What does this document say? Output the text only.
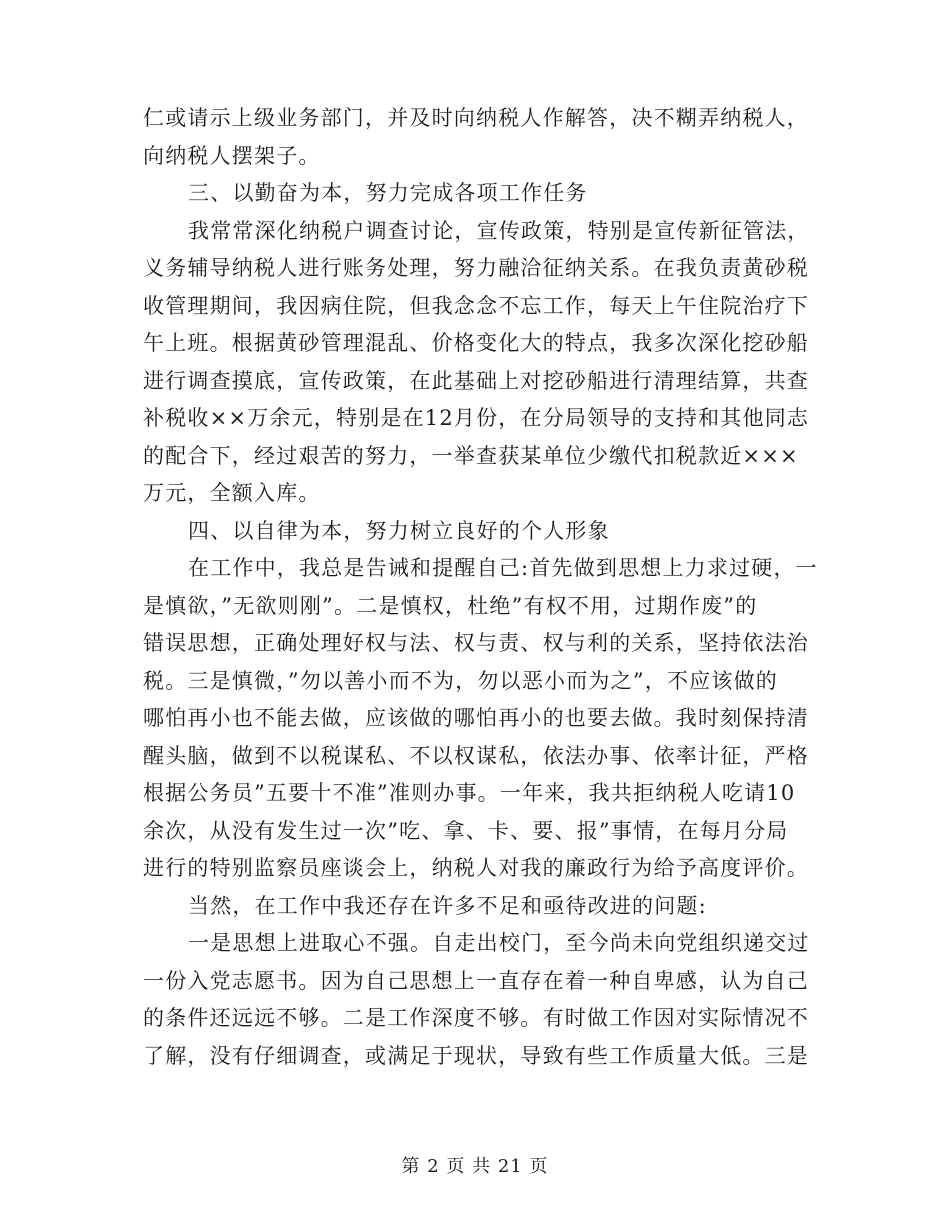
仁或请示上级业务部门，并及时向纳税人作解答，决不糊弄纳税人，
向纳税人摆架子。
三、以勤奋为本，努力完成各项工作任务
我常常深化纳税户调查讨论，宣传政策，特别是宣传新征管法，
义务辅导纳税人进行账务处理，努力融洽征纳关系。在我负责黄砂税
收管理期间，我因病住院，但我念念不忘工作，每天上午住院治疗下
午上班。根据黄砂管理混乱、价格变化大的特点，我多次深化挖砂船
进行调查摸底，宣传政策，在此基础上对挖砂船进行清理结算，共查
补税收××万余元，特别是在12月份，在分局领导的支持和其他同志
的配合下，经过艰苦的努力，一举查获某单位少缴代扣税款近×××
万元，全额入库。
四、以自律为本，努力树立良好的个人形象
在工作中，我总是告诫和提醒自己:首先做到思想上力求过硬，一
是慎欲，”无欲则刚”。二是慎权，杜绝”有权不用，过期作废”的
错误思想，正确处理好权与法、权与责、权与利的关系，坚持依法治
税。三是慎微，”勿以善小而不为，勿以恶小而为之”，不应该做的
哪怕再小也不能去做，应该做的哪怕再小的也要去做。我时刻保持清
醒头脑，做到不以税谋私、不以权谋私，依法办事、依率计征，严格
根据公务员”五要十不准”准则办事。一年来，我共拒纳税人吃请10
余次，从没有发生过一次”吃、拿、卡、要、报”事情，在每月分局
进行的特别监察员座谈会上，纳税人对我的廉政行为给予高度评价。
当然，在工作中我还存在许多不足和亟待改进的问题:
一是思想上进取心不强。自走出校门，至今尚未向党组织递交过
一份入党志愿书。因为自己思想上一直存在着一种自卑感，认为自己
的条件还远远不够。二是工作深度不够。有时做工作因对实际情况不
了解，没有仔细调查，或满足于现状，导致有些工作质量大低。三是
第 2 页 共 21 页
